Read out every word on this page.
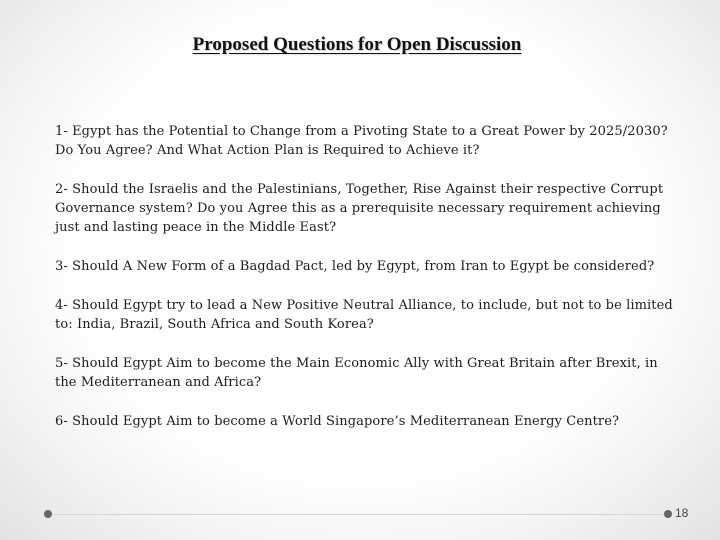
Proposed Questions for Open Discussion
1- Egypt has the Potential to Change from a Pivoting State to a Great Power by 2025/2030? Do You Agree? And What Action Plan is Required to Achieve it?
2- Should the Israelis and the Palestinians, Together, Rise Against their respective Corrupt Governance system? Do you Agree this as a prerequisite necessary requirement achieving just and lasting peace in the Middle East?
3- Should A New Form of a Bagdad Pact, led by Egypt, from Iran to Egypt be considered?
4- Should Egypt try to lead a New Positive Neutral Alliance, to include, but not to be limited to: India, Brazil, South Africa and South Korea?
5- Should Egypt Aim to become the Main Economic Ally with Great Britain after Brexit, in the Mediterranean and Africa?
6- Should Egypt Aim to become a World Singapore’s Mediterranean Energy Centre?
18
